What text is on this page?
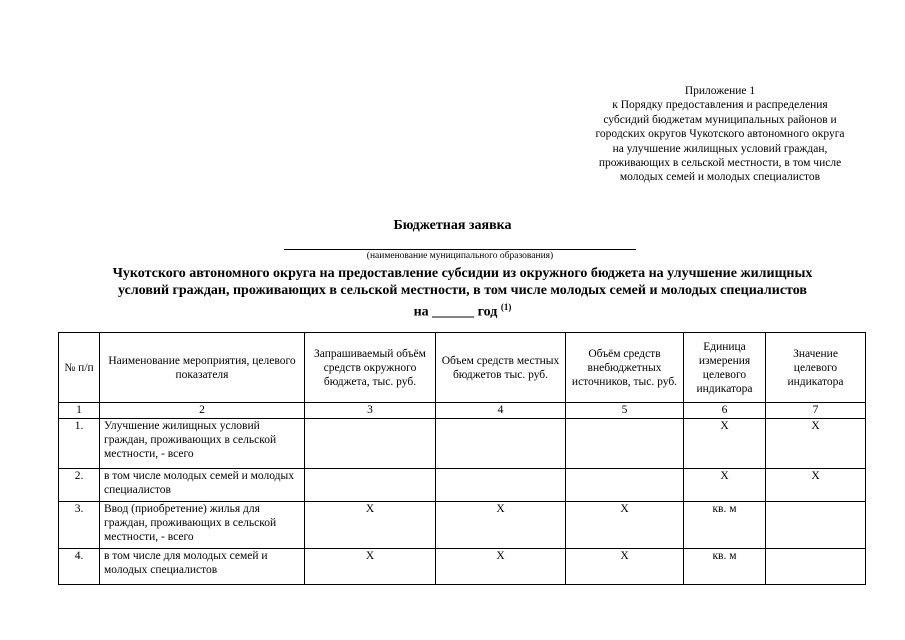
Приложение 1
к Порядку предоставления и распределения
субсидий бюджетам муниципальных районов и
городских округов Чукотского автономного округа
на улучшение жилищных условий граждан,
проживающих в сельской местности, в том числе
молодых семей и молодых специалистов
Бюджетная заявка
(наименование муниципального образования)
Чукотского автономного округа на предоставление субсидии из окружного бюджета на улучшение жилищных
условий граждан, проживающих в сельской местности, в том числе молодых семей и молодых специалистов
на ______ год $^{(1)}$
№ п/п	Наименование мероприятия, целевого показателя	Запрашиваемый объём средств окружного бюджета, тыс. руб.	Объем средств местных бюджетов тыс. руб.	Объём средств внебюджетных источников, тыс. руб.	Единица измерения целевого индикатора	Значение целевого индикатора
1	2	3	4	5	6	7
1.	Улучшение жилищных условий граждан, проживающих в сельской местности, - всего				X	X
2.	в том числе молодых семей и молодых специалистов				X	X
3.	Ввод (приобретение) жилья для граждан, проживающих в сельской местности, - всего	X	X	X	кв. м	
4.	в том числе для молодых семей и молодых специалистов	X	X	X	кв. м	
